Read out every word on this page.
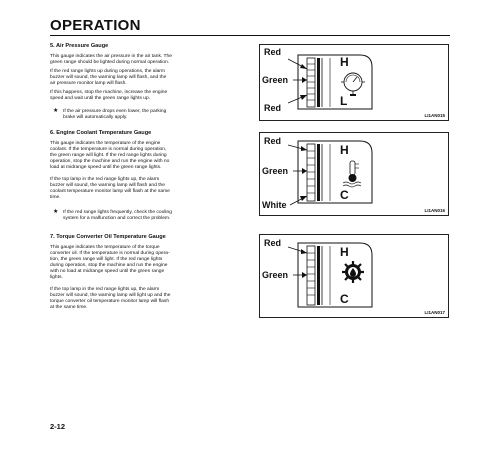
OPERATION
5. Air Pressure Gauge
This gauge indicates the air pressure in the air tank. The
green range should be lighted during normal operation.
If the red range lights up during operations, the alarm
buzzer will sound, the warning lamp will flash, and the
air pressure monitor lamp will flash.
If this happens, stop the machine, increase the engine
speed and wait until the green range lights up.
★ If the air pressure drops even lower, the parking
brake will automatically apply.
Red
Green
Red
H
L
LI1AN015
6. Engine Coolant Temperature Gauge
This gauge indicates the temperature of the engine
coolant. If the temperature is normal during operation,
the green range will light. If the red range lights during
operation, stop the machine and run the engine with no
load at midrange speed until the green range lights.
If the top lamp in the red range lights up, the alarm
buzzer will sound, the warning lamp will flash and the
coolant temperature monitor lamp will flash at the same
time.
★ If the red range lights frequently, check the cooling
system for a malfunction and correct the problem.
Red
Green
White
H
C
LI1AN016
7. Torque Converter Oil Temperature Gauge
This gauge indicates the temperature of the torque
converter oil. If the temperature is normal during opera-
tion, the green range will light. If the red range lights
during operation, stop the machine and run the engine
with no load at midrange speed until the green range
lights.
If the top lamp in the red range lights up, the alarm
buzzer will sound, the warning lamp will light up and the
torque converter oil temperature monitor lamp will flash
at the same time.
Red
Green
H
C
LI1AN017
2-12
